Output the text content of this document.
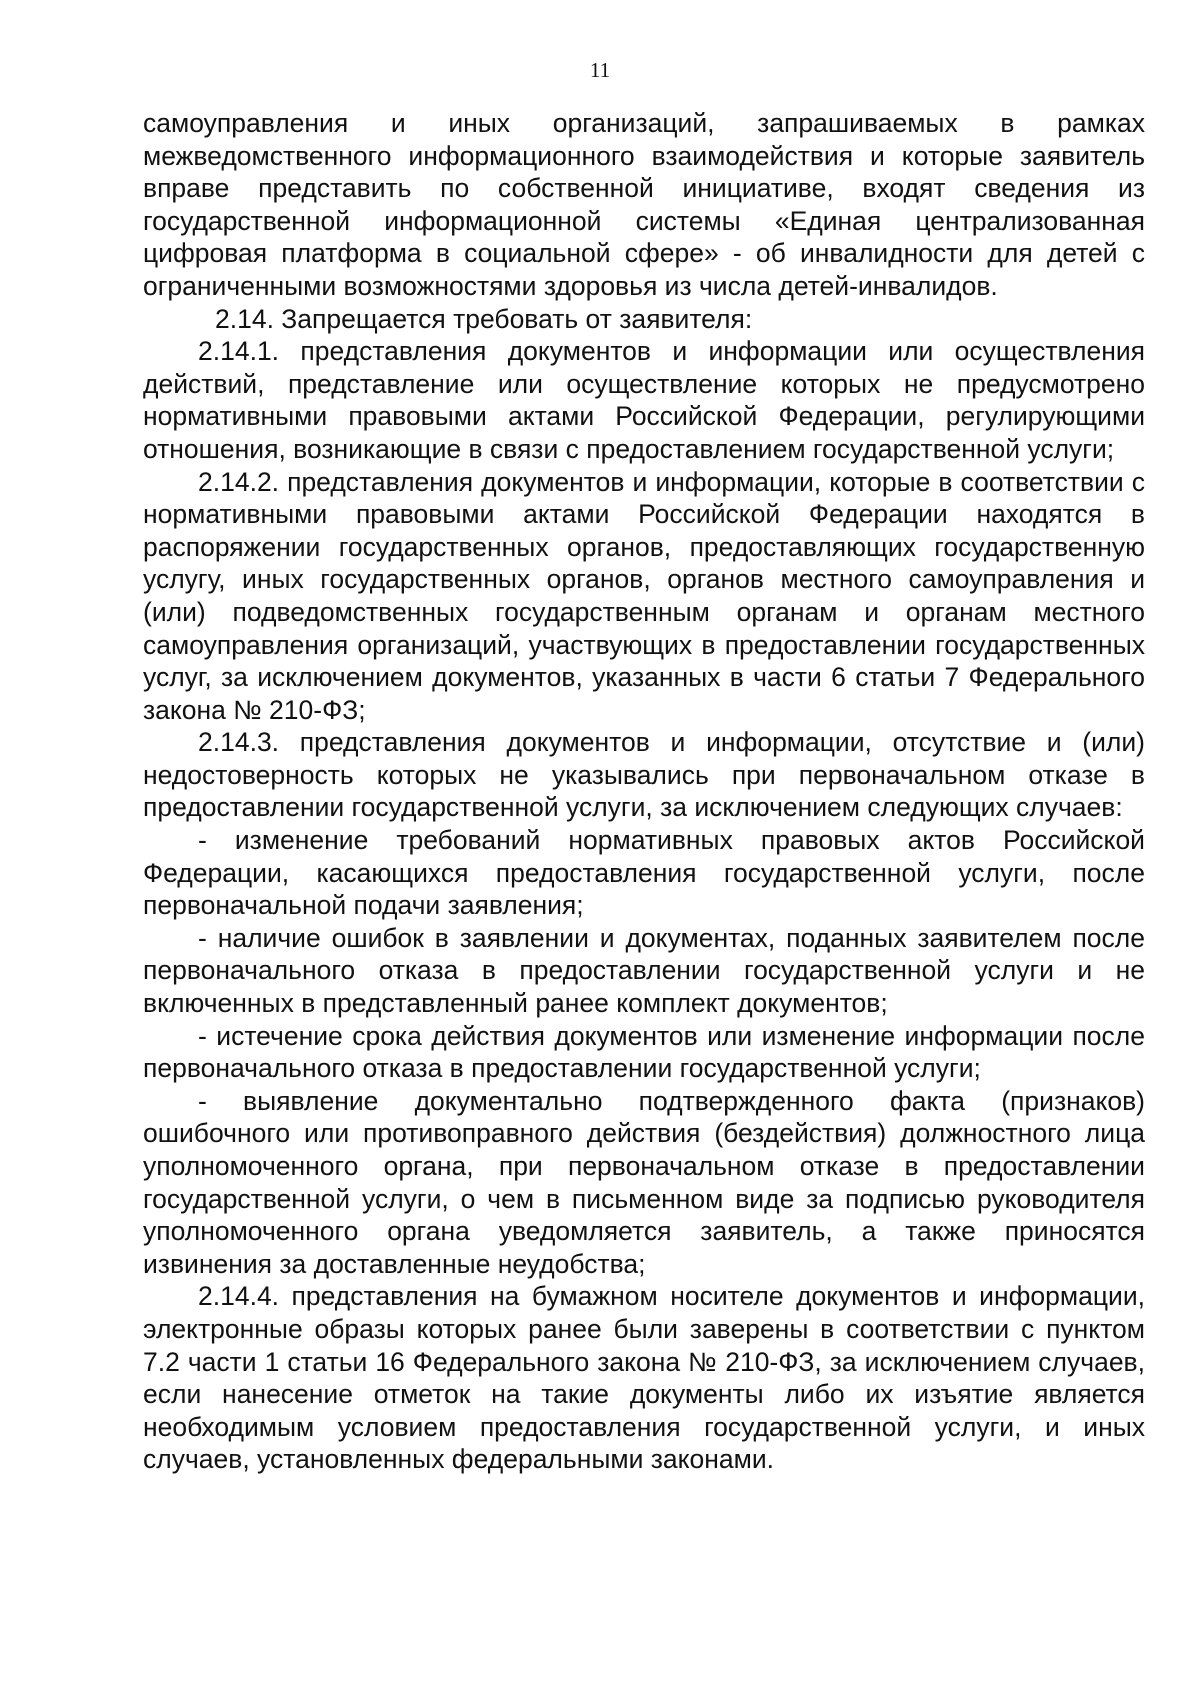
11

самоуправления и иных организаций, запрашиваемых в рамках межведомственного информационного взаимодействия и которые заявитель вправе представить по собственной инициативе, входят сведения из государственной информационной системы «Единая централизованная цифровая платформа в социальной сфере» - об инвалидности для детей с ограниченными возможностями здоровья из числа детей-инвалидов.

2.14. Запрещается требовать от заявителя:

2.14.1. представления документов и информации или осуществления действий, представление или осуществление которых не предусмотрено нормативными правовыми актами Российской Федерации, регулирующими отношения, возникающие в связи с предоставлением государственной услуги;

2.14.2. представления документов и информации, которые в соответствии с нормативными правовыми актами Российской Федерации находятся в распоряжении государственных органов, предоставляющих государственную услугу, иных государственных органов, органов местного самоуправления и (или) подведомственных государственным органам и органам местного самоуправления организаций, участвующих в предоставлении государственных услуг, за исключением документов, указанных в части 6 статьи 7 Федерального закона № 210-ФЗ;

2.14.3. представления документов и информации, отсутствие и (или) недостоверность которых не указывались при первоначальном отказе в предоставлении государственной услуги, за исключением следующих случаев:

- изменение требований нормативных правовых актов Российской Федерации, касающихся предоставления государственной услуги, после первоначальной подачи заявления;

- наличие ошибок в заявлении и документах, поданных заявителем после первоначального отказа в предоставлении государственной услуги и не включенных в представленный ранее комплект документов;

- истечение срока действия документов или изменение информации после первоначального отказа в предоставлении государственной услуги;

- выявление документально подтвержденного факта (признаков) ошибочного или противоправного действия (бездействия) должностного лица уполномоченного органа, при первоначальном отказе в предоставлении государственной услуги, о чем в письменном виде за подписью руководителя уполномоченного органа уведомляется заявитель, а также приносятся извинения за доставленные неудобства;

2.14.4. представления на бумажном носителе документов и информации, электронные образы которых ранее были заверены в соответствии с пунктом 7.2 части 1 статьи 16 Федерального закона № 210-ФЗ, за исключением случаев, если нанесение отметок на такие документы либо их изъятие является необходимым условием предоставления государственной услуги, и иных случаев, установленных федеральными законами.
